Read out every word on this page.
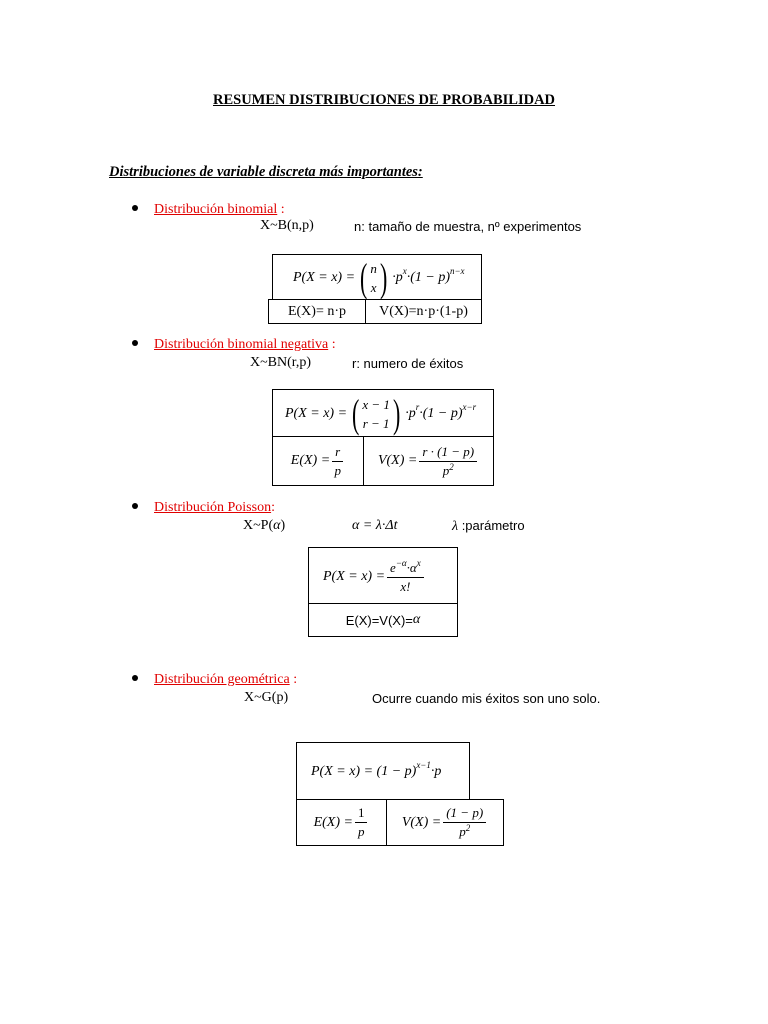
RESUMEN DISTRIBUCIONES DE PROBABILIDAD
Distribuciones de variable discreta más importantes:
Distribución binomial :
X~B(n,p)	n: tamaño de muestra, nº experimentos
P(X = x) = ( n
x ) ·p x ·(1 − p) n−x
E(X)= n·p V(X)=n·p·(1-p)
Distribución binomial negativa :
X~BN(r,p)	r: numero de éxitos
P(X = x) = ( x − 1
r − 1 ) ·p r ·(1 − p) x−r
$E(X) = \frac{r}{p} V(X) = \frac{r \cdot (1 - p)}{p^2}$
Distribución Poisson:
X~P(α)	α = λ·Δt	λ :parámetro
$P(X = x) = \frac{e^{-\alpha}\cdot\alpha^x}{x!}$
E(X)=V(X)= α
Distribución geométrica :
X~G(p)	Ocurre cuando mis éxitos son uno solo.
P(X = x) = (1 − p) x−1 ·p
$E(X) = \frac{1}{p} V(X) = \frac{(1 - p)}{p^2}$
